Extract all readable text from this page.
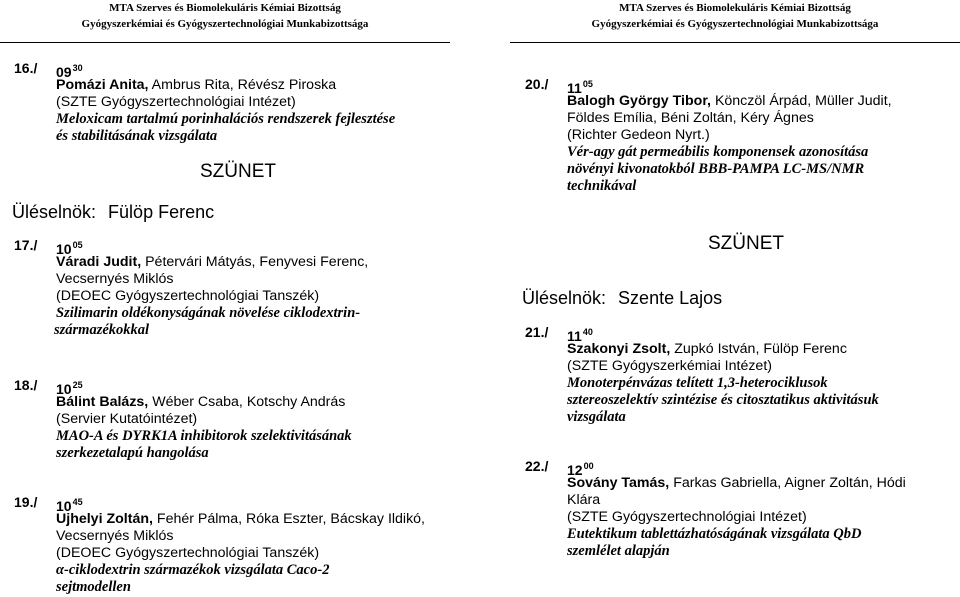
MTA Szerves és Biomolekuláris Kémiai Bizottság
Gyógyszerkémiai és Gyógyszertechnológiai Munkabizottsága
MTA Szerves és Biomolekuláris Kémiai Bizottság
Gyógyszerkémiai és Gyógyszertechnológiai Munkabizottsága
16./ $09^{30}$
Pomázi Anita, Ambrus Rita, Révész Piroska
(SZTE Gyógyszertechnológiai Intézet)
Meloxicam tartalmú porinhalációs rendszerek fejlesztése
és stabilitásának vizsgálata
SZÜNET
Üléselnök: Fülöp Ferenc
17./ $10^{05}$
Váradi Judit, Pétervári Mátyás, Fenyvesi Ferenc,
Vecsernyés Miklós
(DEOEC Gyógyszertechnológiai Tanszék)
Szilimarin oldékonyságának növelése ciklodextrin-
származékokkal
18./ $10^{25}$
Bálint Balázs, Wéber Csaba, Kotschy András
(Servier Kutatóintézet)
MAO-A és DYRK1A inhibitorok szelektivitásának
szerkezetalapú hangolása
19./ $10^{45}$
Ujhelyi Zoltán, Fehér Pálma, Róka Eszter, Bácskay Ildikó,
Vecsernyés Miklós
(DEOEC Gyógyszertechnológiai Tanszék)
α-ciklodextrin származékok vizsgálata Caco-2
sejtmodellen
20./ $11^{05}$
Balogh György Tibor, Könczöl Árpád, Müller Judit,
Földes Emília, Béni Zoltán, Kéry Ágnes
(Richter Gedeon Nyrt.)
Vér-agy gát permeábilis komponensek azonosítása
növényi kivonatokból BBB-PAMPA LC-MS/NMR
technikával
SZÜNET
Üléselnök: Szente Lajos
21./ $11^{40}$
Szakonyi Zsolt, Zupkó István, Fülöp Ferenc
(SZTE Gyógyszerkémiai Intézet)
Monoterpénvázas telített 1,3-heterociklusok
sztereoszelektív szintézise és citosztatikus aktivitásuk
vizsgálata
22./ $12^{00}$
Sovány Tamás, Farkas Gabriella, Aigner Zoltán, Hódi
Klára
(SZTE Gyógyszertechnológiai Intézet)
Eutektikum tablettázhatóságának vizsgálata QbD
szemlélet alapján
